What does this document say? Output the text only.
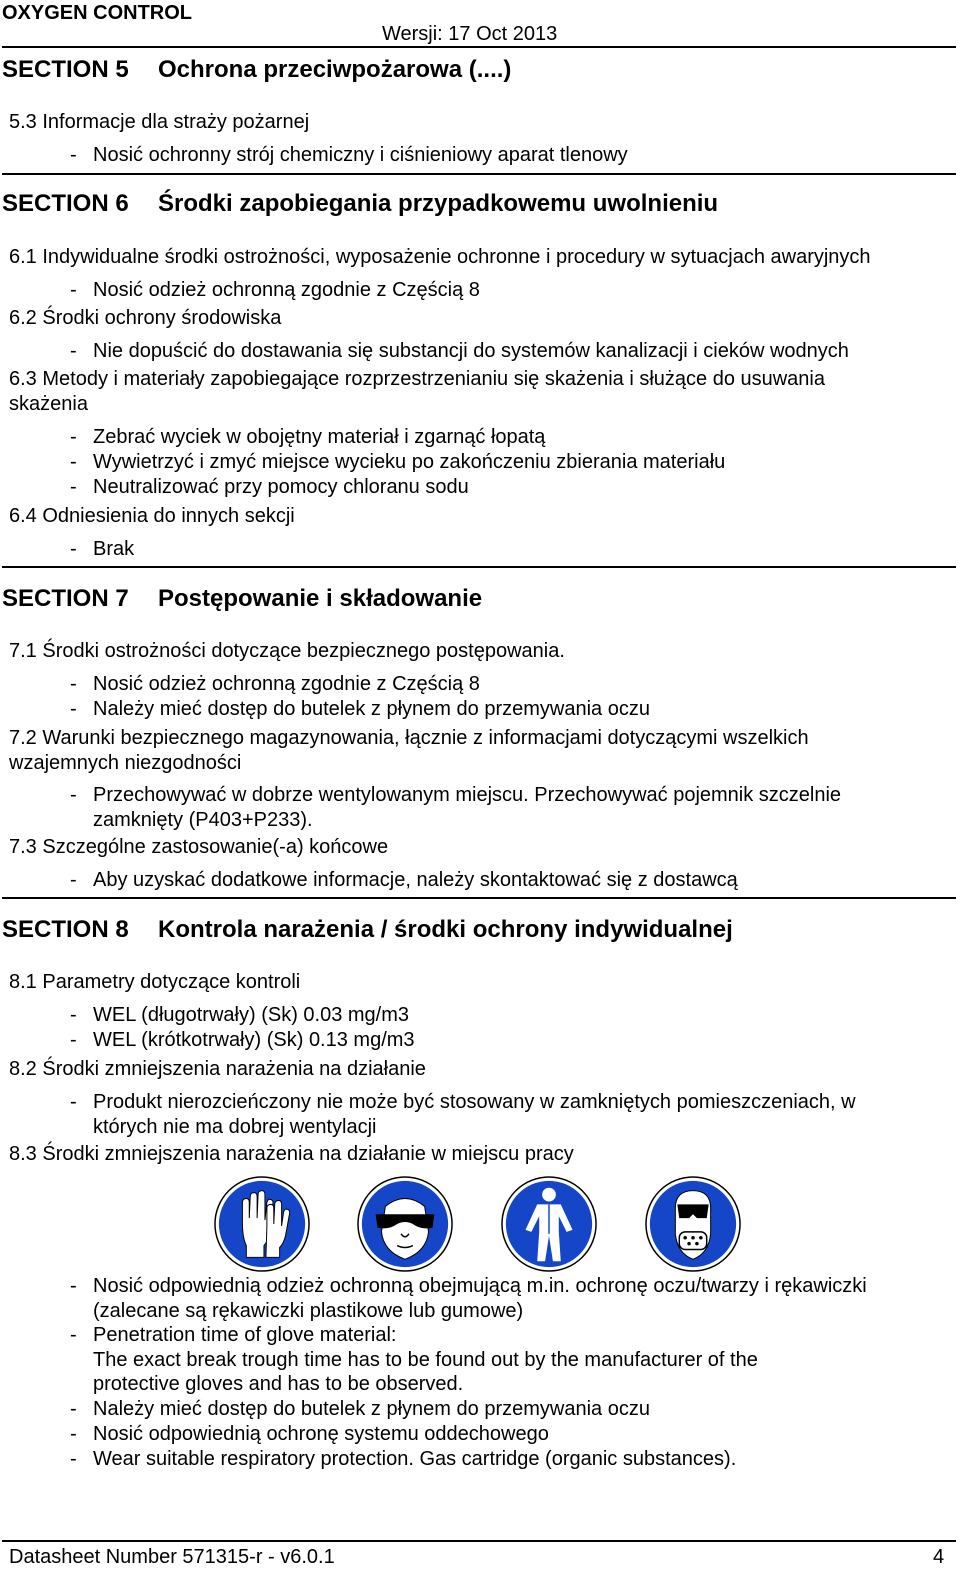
OXYGEN CONTROL
Wersji: 17 Oct 2013
SECTION 5 Ochrona przeciwpożarowa (....)
5.3 Informacje dla straży pożarnej
- Nosić ochronny strój chemiczny i ciśnieniowy aparat tlenowy
SECTION 6 Środki zapobiegania przypadkowemu uwolnieniu
6.1 Indywidualne środki ostrożności, wyposażenie ochronne i procedury w sytuacjach awaryjnych
- Nosić odzież ochronną zgodnie z Częścią 8
6.2 Środki ochrony środowiska
- Nie dopuścić do dostawania się substancji do systemów kanalizacji i cieków wodnych
6.3 Metody i materiały zapobiegające rozprzestrzenianiu się skażenia i służące do usuwania skażenia
- Zebrać wyciek w obojętny materiał i zgarnąć łopatą
- Wywietrzyć i zmyć miejsce wycieku po zakończeniu zbierania materiału
- Neutralizować przy pomocy chloranu sodu
6.4 Odniesienia do innych sekcji
- Brak
SECTION 7 Postępowanie i składowanie
7.1 Środki ostrożności dotyczące bezpiecznego postępowania.
- Nosić odzież ochronną zgodnie z Częścią 8
- Należy mieć dostęp do butelek z płynem do przemywania oczu
7.2 Warunki bezpiecznego magazynowania, łącznie z informacjami dotyczącymi wszelkich wzajemnych niezgodności
- Przechowywać w dobrze wentylowanym miejscu. Przechowywać pojemnik szczelnie zamknięty (P403+P233).
7.3 Szczególne zastosowanie(-a) końcowe
- Aby uzyskać dodatkowe informacje, należy skontaktować się z dostawcą
SECTION 8 Kontrola narażenia / środki ochrony indywidualnej
8.1 Parametry dotyczące kontroli
- WEL (długotrwały) (Sk) 0.03 mg/m3
- WEL (krótkotrwały) (Sk) 0.13 mg/m3
8.2 Środki zmniejszenia narażenia na działanie
- Produkt nierozcieńczony nie może być stosowany w zamkniętych pomieszczeniach, w których nie ma dobrej wentylacji
8.3 Środki zmniejszenia narażenia na działanie w miejscu pracy
- Nosić odpowiednią odzież ochronną obejmującą m.in. ochronę oczu/twarzy i rękawiczki (zalecane są rękawiczki plastikowe lub gumowe)
- Penetration time of glove material:
The exact break trough time has to be found out by the manufacturer of the protective gloves and has to be observed.
- Należy mieć dostęp do butelek z płynem do przemywania oczu
- Nosić odpowiednią ochronę systemu oddechowego
- Wear suitable respiratory protection. Gas cartridge (organic substances).
Datasheet Number 571315-r - v6.0.1	4
